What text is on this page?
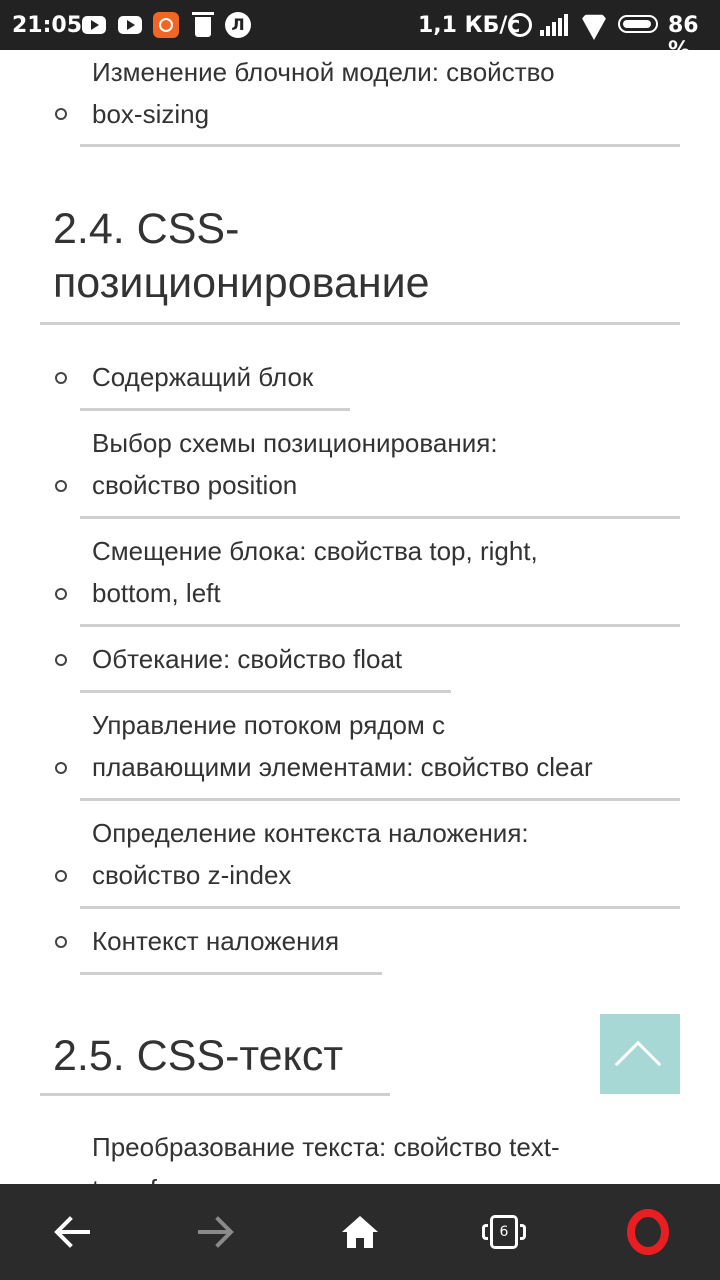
21:05	Л	1,1 КБ/с	86 %
Изменение блочной модели: свойство
box-sizing
2.4. CSS-
позиционирование
Содержащий блок
Выбор схемы позиционирования:
свойство position
Смещение блока: свойства top, right,
bottom, left
Обтекание: свойство float
Управление потоком рядом с
плавающими элементами: свойство clear
Определение контекста наложения:
свойство z-index
Контекст наложения
2.5. CSS-текст
Преобразование текста: свойство text-
6
